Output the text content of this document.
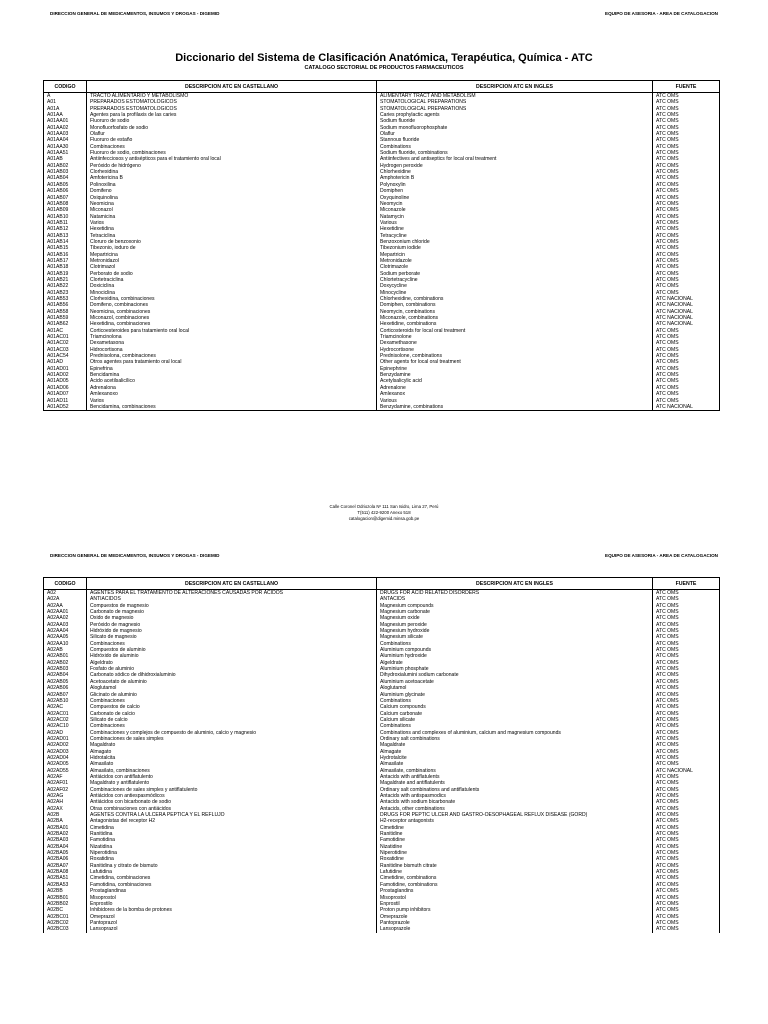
DIRECCION GENERAL DE MEDICAMENTOS, INSUMOS Y DROGAS - DIGEMID	EQUIPO DE ASESORIA - AREA DE CATALOGACION
Diccionario del Sistema de Clasificación Anatómica, Terapéutica, Química - ATC
CATALOGO SECTORIAL DE PRODUCTOS FARMACEUTICOS
CODIGO	DESCRIPCION ATC EN CASTELLANO	DESCRIPCION ATC EN INGLES	FUENTE
A	TRACTO ALIMENTARIO Y METABOLISMO	ALIMENTARY TRACT AND METABOLISM	ATC OMS
A01	PREPARADOS ESTOMATOLOGICOS	STOMATOLOGICAL PREPARATIONS	ATC OMS
A01A	PREPARADOS ESTOMATOLOGICOS	STOMATOLOGICAL PREPARATIONS	ATC OMS
A01AA	Agentes para la profilaxis de las caries	Caries prophylactic agents	ATC OMS
A01AA01	Fluoruro de sodio	Sodium fluoride	ATC OMS
A01AA02	Monofluorfosfato de sodio	Sodium monofluorophosphate	ATC OMS
A01AA03	Olaflur	Olaflur	ATC OMS
A01AA04	Fluoruro de estaño	Stannous fluoride	ATC OMS
A01AA30	Combinaciones	Combinations	ATC OMS
A01AA51	Fluoruro de sodio, combinaciones	Sodium fluoride, combinations	ATC OMS
A01AB	Antiinfecciosos y antisépticos para el tratamiento oral local	Antiinfectives and antiseptics for local oral treatment	ATC OMS
A01AB02	Peróxido de hidrógeno	Hydrogen peroxide	ATC OMS
A01AB03	Clorhexidina	Chlorhexidine	ATC OMS
A01AB04	Amfotericina B	Amphotericin B	ATC OMS
A01AB05	Polinoxilina	Polynoxylin	ATC OMS
A01AB06	Domifeno	Domiphen	ATC OMS
A01AB07	Oxiquinolina	Oxyquinoline	ATC OMS
A01AB08	Neomicina	Neomycin	ATC OMS
A01AB09	Miconazol	Miconazole	ATC OMS
A01AB10	Natamicina	Natamycin	ATC OMS
A01AB11	Varios	Various	ATC OMS
A01AB12	Hexetidina	Hexetidine	ATC OMS
A01AB13	Tetraciclina	Tetracycline	ATC OMS
A01AB14	Cloruro de benzoxonio	Benzoxonium chloride	ATC OMS
A01AB15	Tibezonio, ioduro de	Tibezonium iodide	ATC OMS
A01AB16	Mepartricina	Mepartricin	ATC OMS
A01AB17	Metronidazol	Metronidazole	ATC OMS
A01AB18	Clotrimazol	Clotrimazole	ATC OMS
A01AB19	Perborato de sodio	Sodium perborate	ATC OMS
A01AB21	Clortetraciclina	Chlortetracycline	ATC OMS
A01AB22	Doxiciclina	Doxycycline	ATC OMS
A01AB23	Minociclina	Minocycline	ATC OMS
A01AB53	Clorhexidina, combinaciones	Chlorhexidine, combinations	ATC NACIONAL
A01AB56	Domifeno, combinaciones	Domiphen, combinations	ATC NACIONAL
A01AB58	Neomicina, combinaciones	Neomycin, combinations	ATC NACIONAL
A01AB59	Miconazol, combinaciones	Miconazole, combinations	ATC NACIONAL
A01AB62	Hexetidina, combinaciones	Hexetidine, combinations	ATC NACIONAL
A01AC	Corticoesteroides para tratamiento oral local	Corticosteroids for local oral treatment	ATC OMS
A01AC01	Triamcinolona	Triamcinolone	ATC OMS
A01AC02	Dexametasona	Dexamethasone	ATC OMS
A01AC03	Hidrocortisona	Hydrocortisone	ATC OMS
A01AC54	Prednisolona, combinaciones	Prednisolone, combinations	ATC OMS
A01AD	Otros agentes para tratamiento oral local	Other agents for local oral treatment	ATC OMS
A01AD01	Epinefrina	Epinephrine	ATC OMS
A01AD02	Bencidamina	Benzydamine	ATC OMS
A01AD05	Ácido acetilsalicílico	Acetylsalicylic acid	ATC OMS
A01AD06	Adrenalona	Adrenalone	ATC OMS
A01AD07	Amlexanoxo	Amlexanox	ATC OMS
A01AD11	Varios	Various	ATC OMS
A01AD52	Bencidamina, combinaciones	Benzydamine, combinations	ATC NACIONAL
Calle Coronel Odriozola Nº 111 San Isidro, Lima 27, Perú
T(511) 422-9200 Anexo 518
catalogacion@digemid.minsa.gob.pe
DIRECCION GENERAL DE MEDICAMENTOS, INSUMOS Y DROGAS - DIGEMID	EQUIPO DE ASESORIA - AREA DE CATALOGACION
CODIGO	DESCRIPCION ATC EN CASTELLANO	DESCRIPCION ATC EN INGLES	FUENTE
A02	AGENTES PARA EL TRATAMIENTO DE ALTERACIONES CAUSADAS POR ÁCIDOS	DRUGS FOR ACID RELATED DISORDERS	ATC OMS
A02A	ANTIÁCIDOS	ANTACIDS	ATC OMS
A02AA	Compuestos de magnesio	Magnesium compounds	ATC OMS
A02AA01	Carbonato de magnesio	Magnesium carbonate	ATC OMS
A02AA02	Óxido de magnesio	Magnesium oxide	ATC OMS
A02AA03	Peróxido de magnesio	Magnesium peroxide	ATC OMS
A02AA04	Hidróxido de magnesio	Magnesium hydroxide	ATC OMS
A02AA05	Silicato de magnesio	Magnesium silicate	ATC OMS
A02AA10	Combinaciones	Combinations	ATC OMS
A02AB	Compuestos de aluminio	Aluminium compounds	ATC OMS
A02AB01	Hidróxido de aluminio	Aluminium hydroxide	ATC OMS
A02AB02	Algeldrato	Algeldrate	ATC OMS
A02AB03	Fosfato de aluminio	Aluminium phosphate	ATC OMS
A02AB04	Carbonato sódico de dihidroxialuminio	Dihydroxialumini sodium carbonate	ATC OMS
A02AB05	Acetoacetato de aluminio	Aluminium acetoacetate	ATC OMS
A02AB06	Aloglutamol	Aloglutamol	ATC OMS
A02AB07	Glicinato de aluminio	Aluminium glycinate	ATC OMS
A02AB10	Combinaciones	Combinations	ATC OMS
A02AC	Compuestos de calcio	Calcium compounds	ATC OMS
A02AC01	Carbonato de calcio	Calcium carbonate	ATC OMS
A02AC02	Silicato de calcio	Calcium silicate	ATC OMS
A02AC10	Combinaciones	Combinations	ATC OMS
A02AD	Combinaciones y complejos de compuesto de aluminio, calcio y magnesio	Combinations and complexes of aluminium, calcium and magnesium compounds	ATC OMS
A02AD01	Combinaciones de sales simples	Ordinary salt combinations	ATC OMS
A02AD02	Magaldrato	Magaldrate	ATC OMS
A02AD03	Almagato	Almagate	ATC OMS
A02AD04	Hidrotalcita	Hydrotalcite	ATC OMS
A02AD05	Almasilato	Almasilate	ATC OMS
A02AD55	Almasilato, combinaciones	Almasilate, combinations	ATC NACIONAL
A02AF	Antiácidos con antiflatulento	Antacids with antiflatulents	ATC OMS
A02AF01	Magaldrato y antiflatulento	Magaldrate and antiflatulents	ATC OMS
A02AF02	Combinaciones de sales simples y antiflatulento	Ordinary salt combinations and antiflatulents	ATC OMS
A02AG	Antiácidos con antiespasmódicos	Antacids with antispasmodics	ATC OMS
A02AH	Antiácidos con bicarbonato de sodio	Antacids with sodium bicarbonate	ATC OMS
A02AX	Otras combinaciones con antiácidos	Antacids, other combinations	ATC OMS
A02B	AGENTES CONTRA LA ÚLCERA PÉPTICA Y EL REFLUJO	DRUGS FOR PEPTIC ULCER AND GASTRO-OESOPHAGEAL REFLUX DISEASE (GORD)	ATC OMS
A02BA	Antagonistas del receptor H2	H2-receptor antagonists	ATC OMS
A02BA01	Cimetidina	Cimetidine	ATC OMS
A02BA02	Ranitidina	Ranitidine	ATC OMS
A02BA03	Famotidina	Famotidine	ATC OMS
A02BA04	Nizatidina	Nizatidine	ATC OMS
A02BA05	Niperotidina	Niperotidine	ATC OMS
A02BA06	Roxatidina	Roxatidine	ATC OMS
A02BA07	Ranitidina y citrato de bismuto	Ranitidine bismuth citrate	ATC OMS
A02BA08	Lafutidina	Lafutidine	ATC OMS
A02BA51	Cimetidina, combinaciones	Cimetidine, combinations	ATC OMS
A02BA53	Famotidina, combinaciones	Famotidine, combinations	ATC OMS
A02BB	Prostaglandinas	Prostaglandins	ATC OMS
A02BB01	Misoprostol	Misoprostol	ATC OMS
A02BB02	Enprostilo	Enprostil	ATC OMS
A02BC	Inhibidores de la bomba de protones	Proton pump inhibitors	ATC OMS
A02BC01	Omeprazol	Omeprazole	ATC OMS
A02BC02	Pantoprazol	Pantoprazole	ATC OMS
A02BC03	Lansoprazol	Lansoprazole	ATC OMS
